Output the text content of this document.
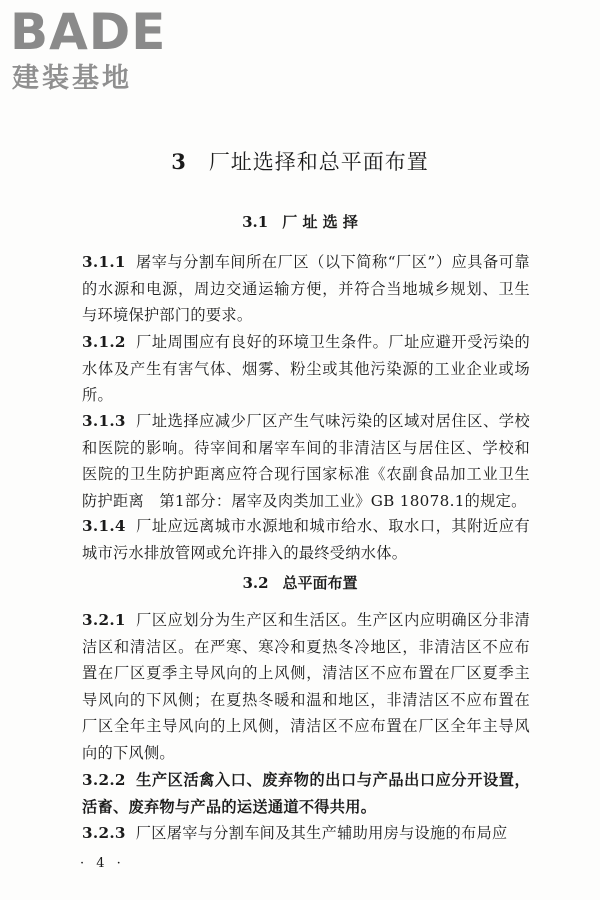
BADE
建装基地
3 厂址选择和总平面布置
3.1 厂 址 选 择
3.1.1 屠宰与分割车间所在厂区（以下简称“厂区”）应具备可靠的水源和电源，周边交通运输方便，并符合当地城乡规划、卫生与环境保护部门的要求。
3.1.2 厂址周围应有良好的环境卫生条件。厂址应避开受污染的水体及产生有害气体、烟雾、粉尘或其他污染源的工业企业或场所。
3.1.3 厂址选择应减少厂区产生气味污染的区域对居住区、学校和医院的影响。待宰间和屠宰车间的非清洁区与居住区、学校和医院的卫生防护距离应符合现行国家标准《农副食品加工业卫生防护距离　第1部分：屠宰及肉类加工业》GB 18078.1的规定。
3.1.4 厂址应远离城市水源地和城市给水、取水口，其附近应有城市污水排放管网或允许排入的最终受纳水体。
3.2 总平面布置
3.2.1 厂区应划分为生产区和生活区。生产区内应明确区分非清洁区和清洁区。在严寒、寒冷和夏热冬冷地区，非清洁区不应布置在厂区夏季主导风向的上风侧，清洁区不应布置在厂区夏季主导风向的下风侧；在夏热冬暖和温和地区，非清洁区不应布置在厂区全年主导风向的上风侧，清洁区不应布置在厂区全年主导风向的下风侧。
3.2.2 生产区活禽入口、废弃物的出口与产品出口应分开设置，活畜、废弃物与产品的运送通道不得共用。
3.2.3 厂区屠宰与分割车间及其生产辅助用房与设施的布局应
· 4 ·
